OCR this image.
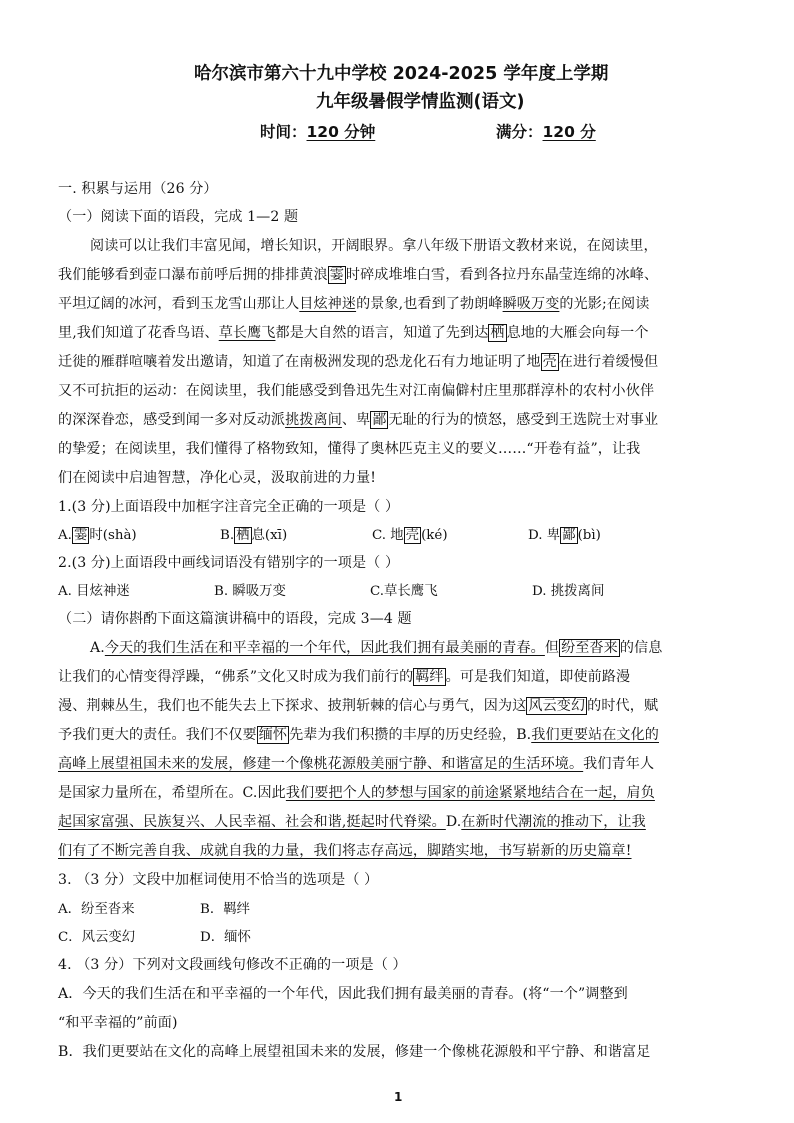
哈尔滨市第六十九中学校 2024-2025 学年度上学期
九年级暑假学情监测(语文)
时间：120 分钟	满分：120 分
一. 积累与运用（26 分）
（一）阅读下面的语段，完成 1—2 题
阅读可以让我们丰富见闻，增长知识，开阔眼界。拿八年级下册语文教材来说，在阅读里，
我们能够看到壶口瀑布前呼后拥的排排黄浪 霎 时碎成堆堆白雪，看到各拉丹东晶莹连绵的冰峰、
平坦辽阔的冰河，看到玉龙雪山那让人目炫神迷的景象,也看到了勃朗峰瞬吸万变的光影;在阅读
里,我们知道了花香鸟语、草长鹰飞都是大自然的语言，知道了先到达 栖 息地的大雁会向每一个
迁徙的雁群喧嚷着发出邀请，知道了在南极洲发现的恐龙化石有力地证明了地 壳 在进行着缓慢但
又不可抗拒的运动：在阅读里，我们能感受到鲁迅先生对江南偏僻村庄里那群淳朴的农村小伙伴
的深深眷恋，感受到闻一多对反动派挑拨离间、卑 鄙 无耻的行为的愤怒，感受到王选院士对事业
的挚爱；在阅读里，我们懂得了格物致知，懂得了奥林匹克主义的要义……“开卷有益”，让我
们在阅读中启迪智慧，净化心灵，汲取前进的力量!
1.(3 分)上面语段中加框字注音完全正确的一项是（ ）
A. 霎 时(shà)	B. 栖 息(xī)	C. 地 壳 (ké)	D. 卑 鄙 (bì)
2.(3 分)上面语段中画线词语没有错别字的一项是（ ）
A. 目炫神迷	B. 瞬吸万变	C.草长鹰飞	D. 挑拨离间
（二）请你斟酌下面这篇演讲稿中的语段，完成 3—4 题
A.今天的我们生活在和平幸福的一个年代，因此我们拥有最美丽的青春。但 纷至沓来 的信息
让我们的心情变得浮躁，“佛系”文化又时成为我们前行的 羁绊 。可是我们知道，即使前路漫
漫、荆棘丛生，我们也不能失去上下探求、披荆斩棘的信心与勇气，因为这 风云变幻 的时代，赋
予我们更大的责任。我们不仅要 缅怀 先辈为我们积攒的丰厚的历史经验，B.我们更要站在文化的
高峰上展望祖国未来的发展，修建一个像桃花源般美丽宁静、和谐富足的生活环境。我们青年人
是国家力量所在，希望所在。C.因此我们要把个人的梦想与国家的前途紧紧地结合在一起，肩负
起国家富强、民族复兴、人民幸福、社会和谐,挺起时代脊梁。D.在新时代潮流的推动下，让我
们有了不断完善自我、成就自我的力量，我们将志存高远，脚踏实地，书写崭新的历史篇章!
3. （3 分）文段中加框词使用不恰当的选项是（ ）
A．纷至沓来	B．羁绊
C．风云变幻	D．缅怀
4. （3 分）下列对文段画线句修改不正确的一项是（ ）
A．今天的我们生活在和平幸福的一个年代，因此我们拥有最美丽的青春。(将“一个”调整到
“和平幸福的”前面)
B．我们更要站在文化的高峰上展望祖国未来的发展，修建一个像桃花源般和平宁静、和谐富足
1
